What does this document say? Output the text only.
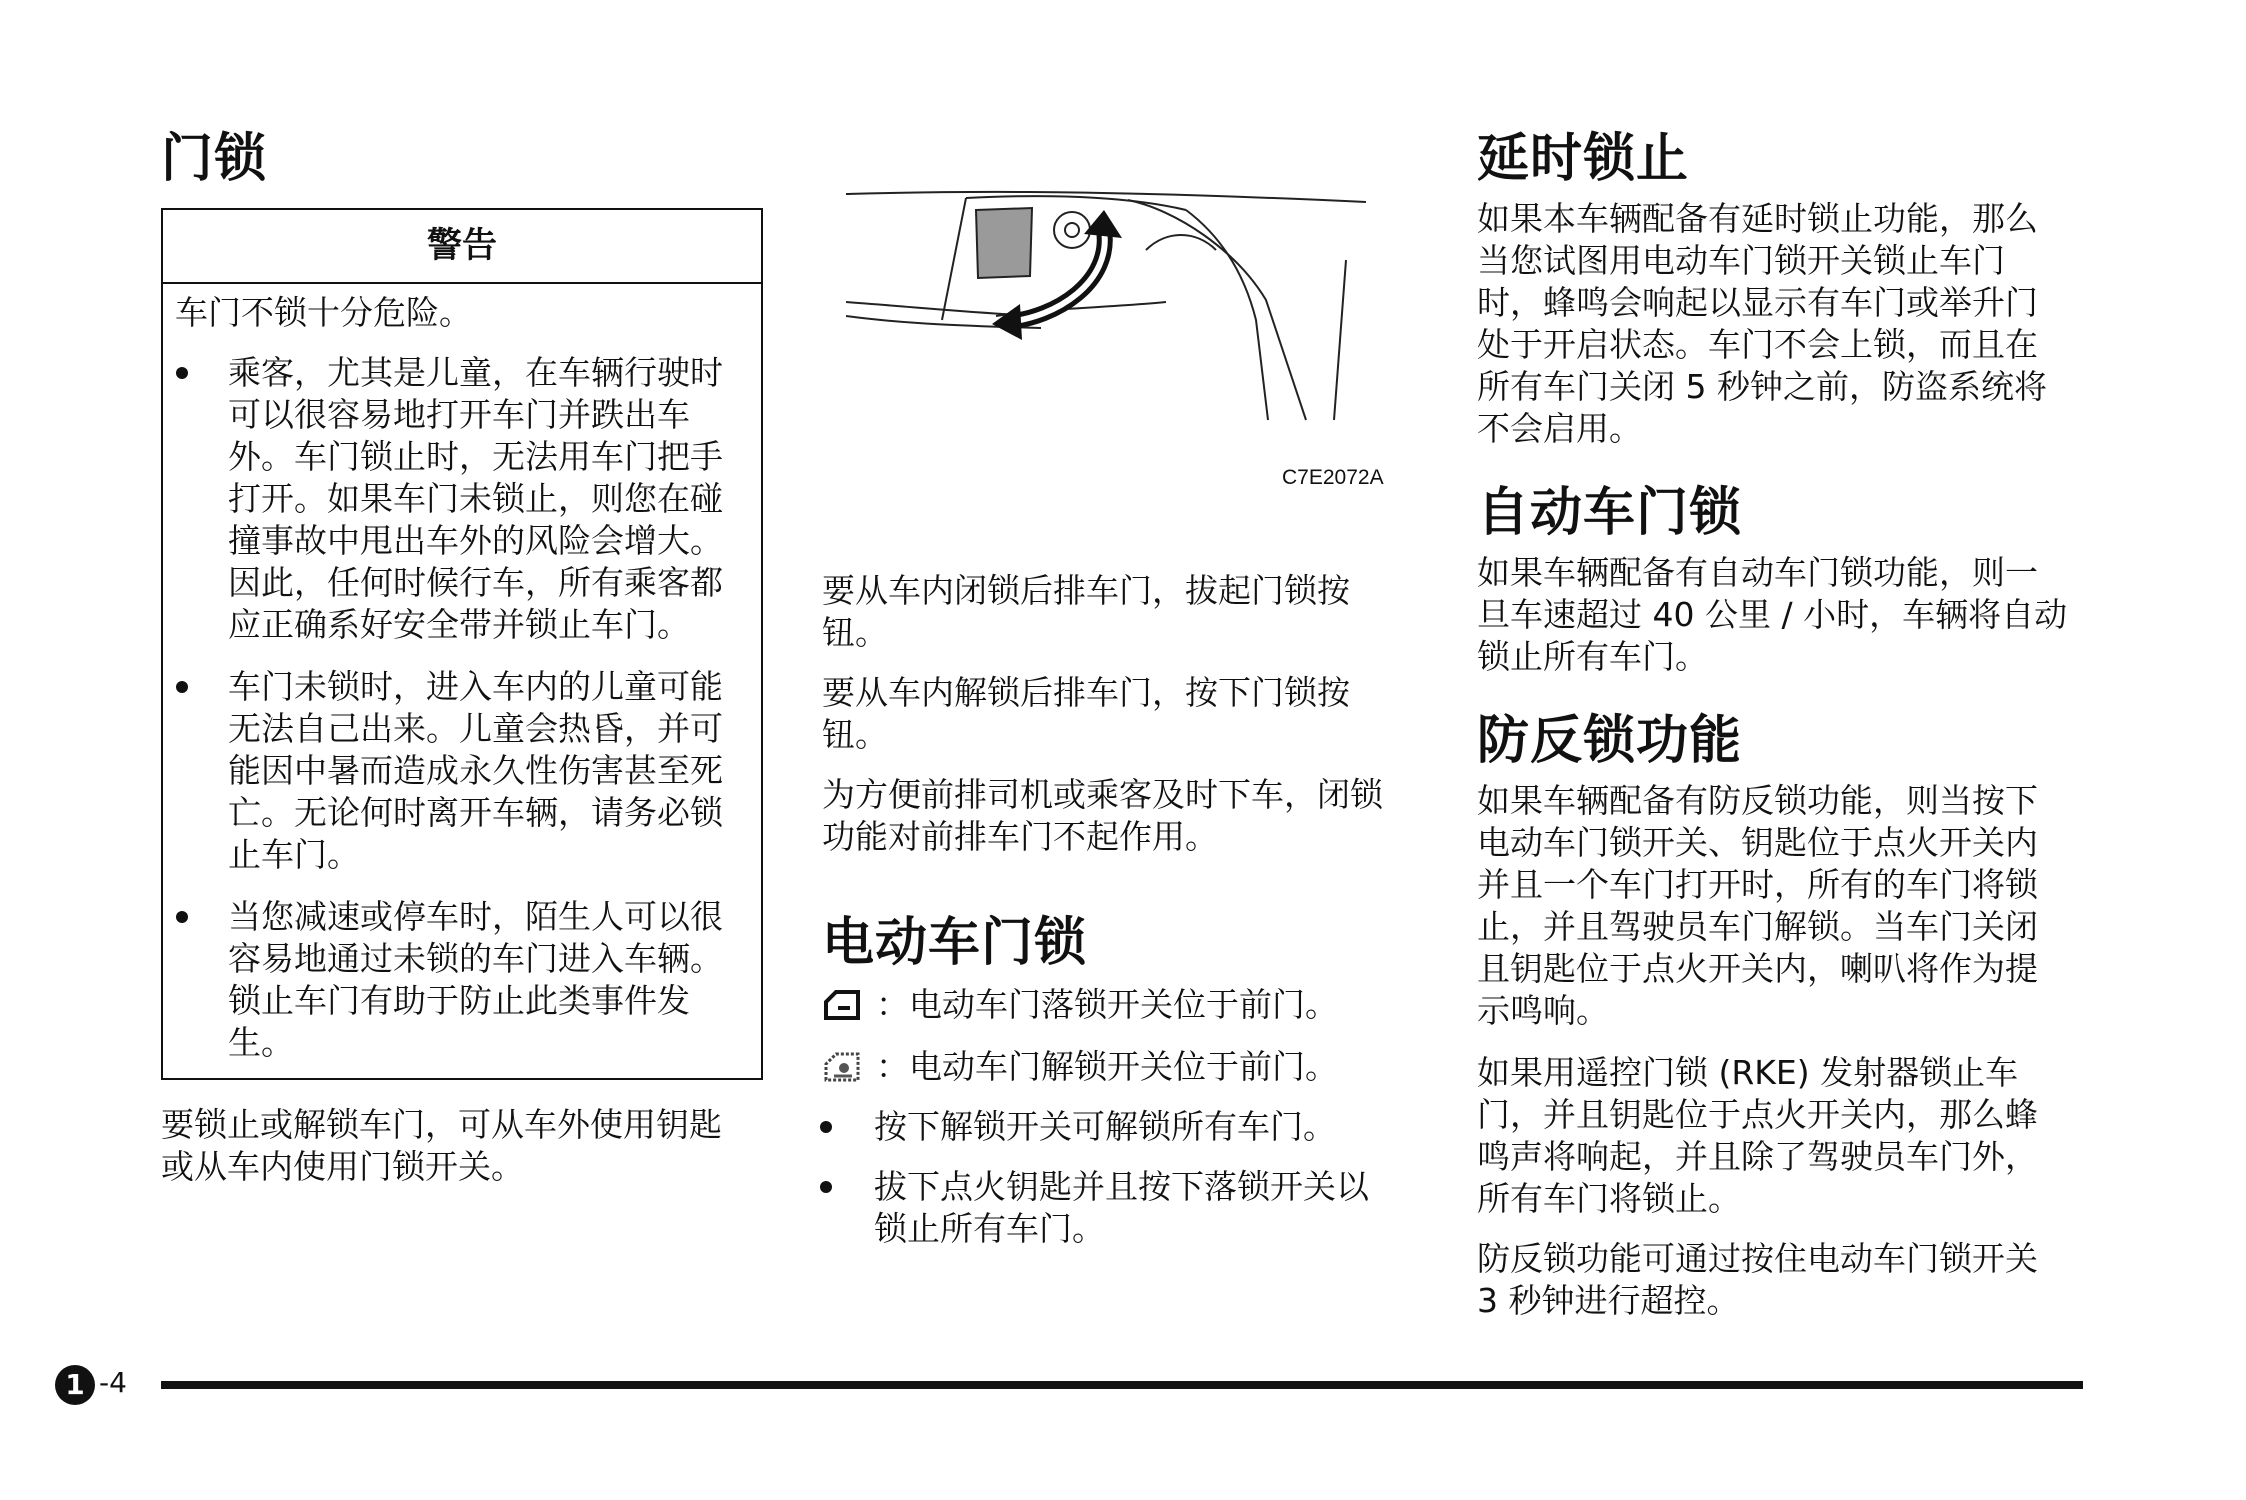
门锁
警告

车门不锁十分危险。

乘客，尤其是儿童，在车辆行驶时
可以很容易地打开车门并跌出车
外。车门锁止时，无法用车门把手
打开。如果车门未锁止，则您在碰
撞事故中甩出车外的风险会增大。
因此，任何时候行车，所有乘客都
应正确系好安全带并锁止车门。

车门未锁时，进入车内的儿童可能
无法自己出来。儿童会热昏，并可
能因中暑而造成永久性伤害甚至死
亡。无论何时离开车辆，请务必锁
止车门。

当您减速或停车时，陌生人可以很
容易地通过未锁的车门进入车辆。
锁止车门有助于防止此类事件发
生。

要锁止或解锁车门，可从车外使用钥匙
或从车内使用门锁开关。

C7E2072A

要从车内闭锁后排车门，拔起门锁按
钮。

要从车内解锁后排车门，按下门锁按
钮。

为方便前排司机或乘客及时下车，闭锁
功能对前排车门不起作用。

电动车门锁

：电动车门落锁开关位于前门。

：电动车门解锁开关位于前门。

按下解锁开关可解锁所有车门。

拔下点火钥匙并且按下落锁开关以
锁止所有车门。

延时锁止

如果本车辆配备有延时锁止功能，那么
当您试图用电动车门锁开关锁止车门
时，蜂鸣会响起以显示有车门或举升门
处于开启状态。车门不会上锁，而且在
所有车门关闭 5 秒钟之前，防盗系统将
不会启用。

自动车门锁

如果车辆配备有自动车门锁功能，则一
旦车速超过 40 公里 / 小时，车辆将自动
锁止所有车门。

防反锁功能

如果车辆配备有防反锁功能，则当按下
电动车门锁开关、钥匙位于点火开关内
并且一个车门打开时，所有的车门将锁
止，并且驾驶员车门解锁。当车门关闭
且钥匙位于点火开关内，喇叭将作为提
示鸣响。

如果用遥控门锁 (RKE) 发射器锁止车
门，并且钥匙位于点火开关内，那么蜂
鸣声将响起，并且除了驾驶员车门外，
所有车门将锁止。

防反锁功能可通过按住电动车门锁开关
3 秒钟进行超控。

1 -4
